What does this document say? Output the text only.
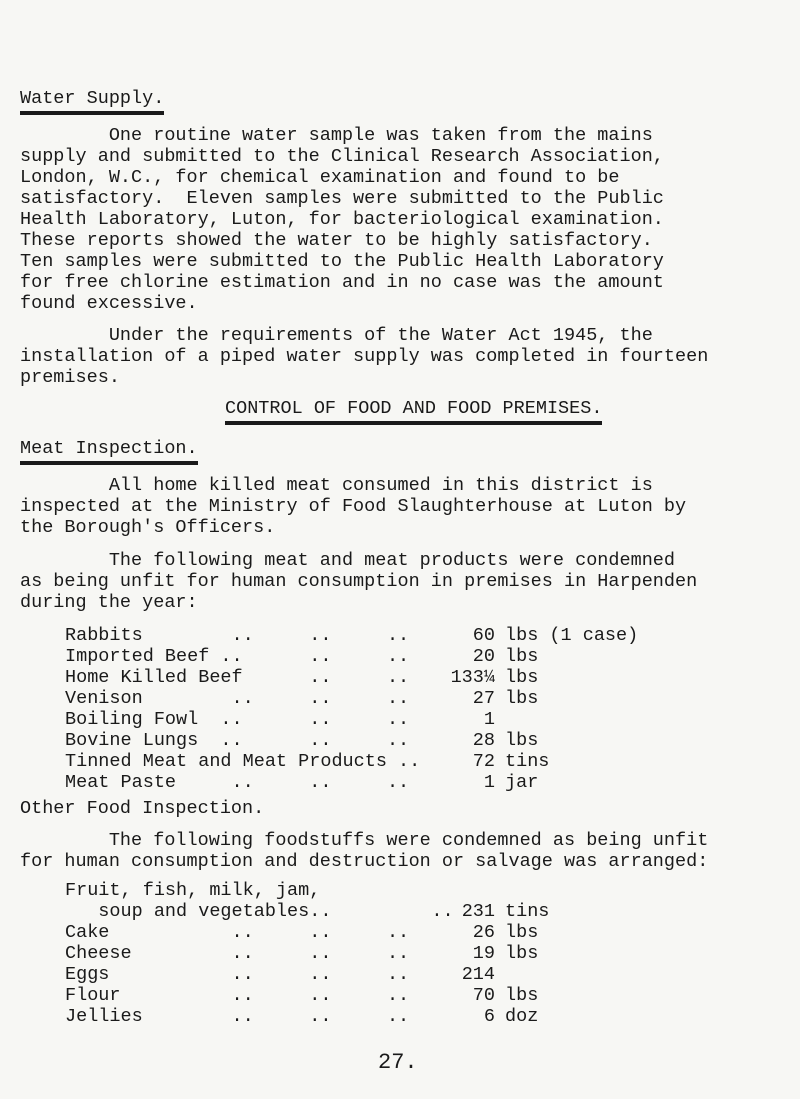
Water Supply.
One routine water sample was taken from the mains
supply and submitted to the Clinical Research Association,
London, W.C., for chemical examination and found to be
satisfactory.  Eleven samples were submitted to the Public
Health Laboratory, Luton, for bacteriological examination.
These reports showed the water to be highly satisfactory.
Ten samples were submitted to the Public Health Laboratory
for free chlorine estimation and in no case was the amount
found excessive.
Under the requirements of the Water Act 1945, the
installation of a piped water supply was completed in fourteen
premises.
CONTROL OF FOOD AND FOOD PREMISES.
Meat Inspection.
All home killed meat consumed in this district is
inspected at the Ministry of Food Slaughterhouse at Luton by
the Borough's Officers.
The following meat and meat products were condemned
as being unfit for human consumption in premises in Harpenden
during the year:
Rabbits        ..     ..     ..	60 lbs (1 case)
Imported Beef ..      ..     ..	20 lbs
Home Killed Beef      ..     ..	133¼ lbs
Venison        ..     ..     ..	27 lbs
Boiling Fowl  ..      ..     ..	1
Bovine Lungs  ..      ..     ..	28 lbs
Tinned Meat and Meat Products ..	72 tins
Meat Paste     ..     ..     ..	1 jar
Other Food Inspection.
The following foodstuffs were condemned as being unfit
for human consumption and destruction or salvage was arranged:
Fruit, fish, milk, jam,
soup and vegetables..         .. 231 tins
Cake           ..     ..     ..	26 lbs
Cheese         ..     ..     ..	19 lbs
Eggs           ..     ..     ..	214
Flour          ..     ..     ..	70 lbs
Jellies        ..     ..     ..	6 doz
27.
